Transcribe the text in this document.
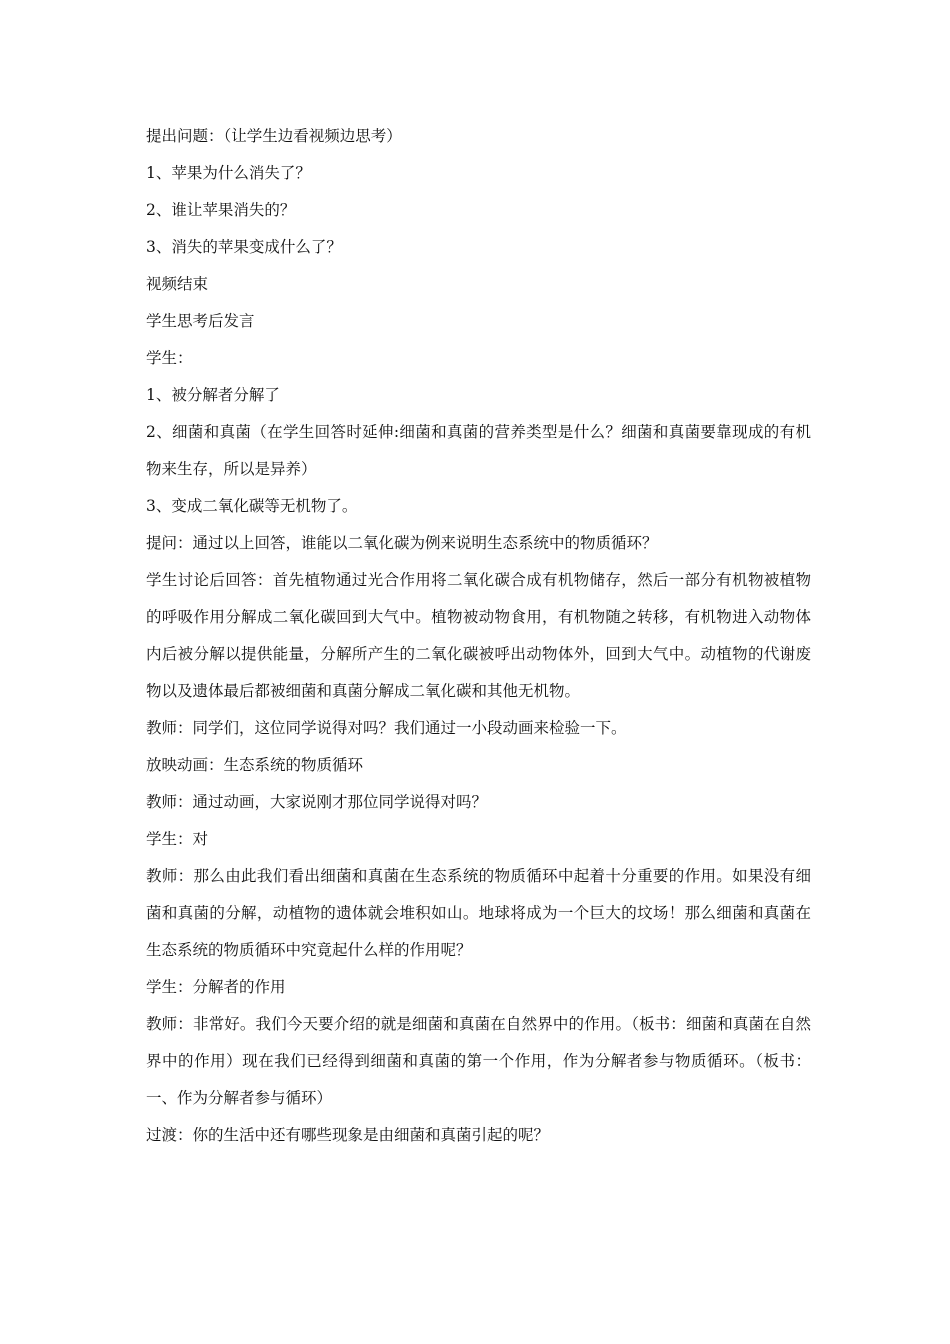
提出问题：（让学生边看视频边思考）

1、苹果为什么消失了？

2、谁让苹果消失的？

3、消失的苹果变成什么了？

视频结束

学生思考后发言

学生：

1、被分解者分解了

2、细菌和真菌（在学生回答时延伸:细菌和真菌的营养类型是什么？细菌和真菌要靠现成的有机物来生存，所以是异养）

3、变成二氧化碳等无机物了。

提问：通过以上回答，谁能以二氧化碳为例来说明生态系统中的物质循环？

学生讨论后回答：首先植物通过光合作用将二氧化碳合成有机物储存，然后一部分有机物被植物的呼吸作用分解成二氧化碳回到大气中。植物被动物食用，有机物随之转移，有机物进入动物体内后被分解以提供能量，分解所产生的二氧化碳被呼出动物体外，回到大气中。动植物的代谢废物以及遗体最后都被细菌和真菌分解成二氧化碳和其他无机物。

教师：同学们，这位同学说得对吗？我们通过一小段动画来检验一下。

放映动画：生态系统的物质循环

教师：通过动画，大家说刚才那位同学说得对吗？

学生：对

教师：那么由此我们看出细菌和真菌在生态系统的物质循环中起着十分重要的作用。如果没有细菌和真菌的分解，动植物的遗体就会堆积如山。地球将成为一个巨大的坟场！那么细菌和真菌在生态系统的物质循环中究竟起什么样的作用呢？

学生：分解者的作用

教师：非常好。我们今天要介绍的就是细菌和真菌在自然界中的作用。（板书：细菌和真菌在自然界中的作用）现在我们已经得到细菌和真菌的第一个作用，作为分解者参与物质循环。（板书：一、作为分解者参与循环）

过渡：你的生活中还有哪些现象是由细菌和真菌引起的呢？
